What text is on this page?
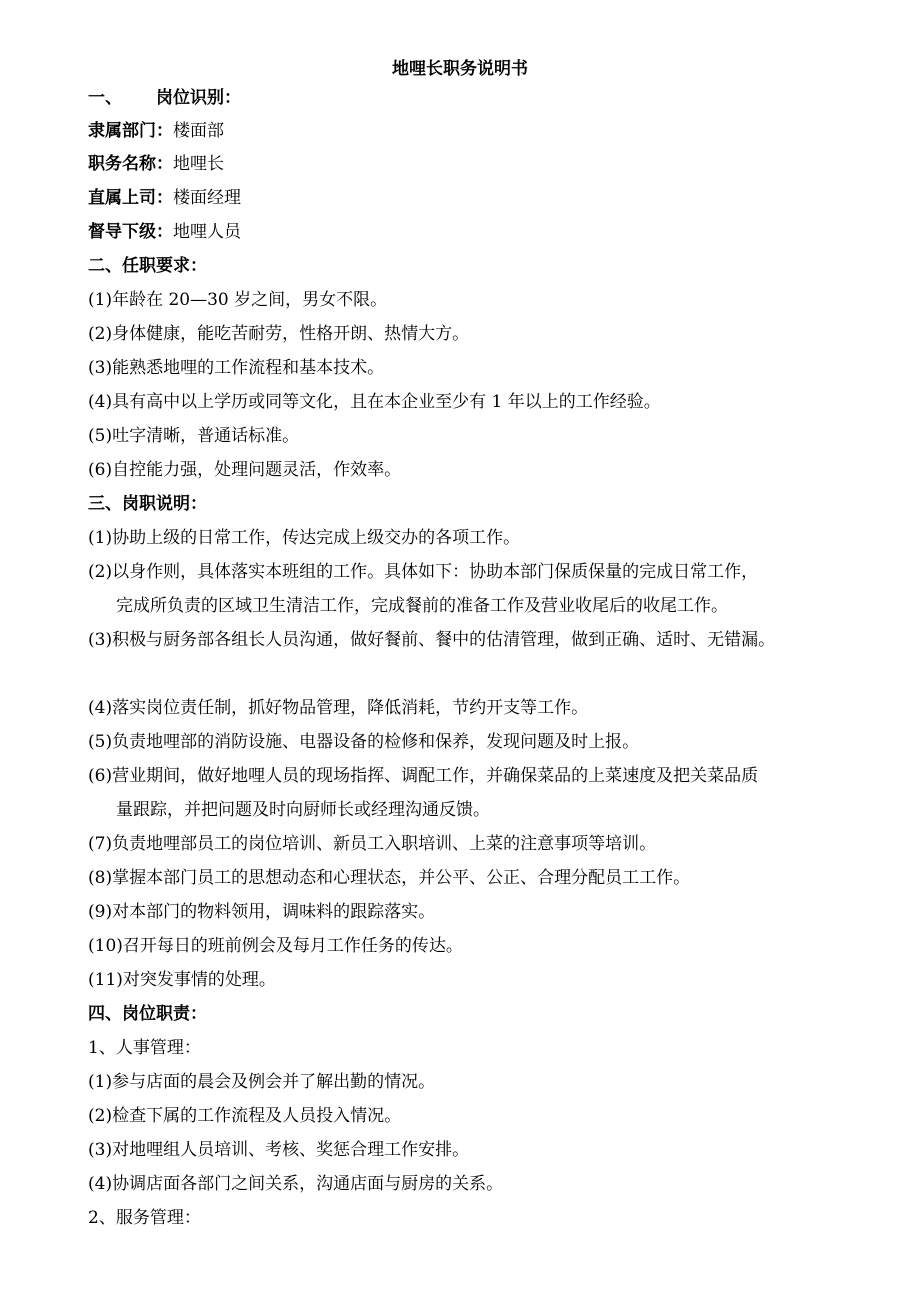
地哩长职务说明书
一、 岗位识别：
隶属部门：楼面部
职务名称：地哩长
直属上司：楼面经理
督导下级：地哩人员
二、任职要求：
(1)年龄在 20—30 岁之间，男女不限。
(2)身体健康，能吃苦耐劳，性格开朗、热情大方。
(3)能熟悉地哩的工作流程和基本技术。
(4)具有高中以上学历或同等文化，且在本企业至少有 1 年以上的工作经验。
(5)吐字清晰，普通话标准。
(6)自控能力强，处理问题灵活，作效率。
三、岗职说明：
(1)协助上级的日常工作，传达完成上级交办的各项工作。
(2)以身作则，具体落实本班组的工作。具体如下：协助本部门保质保量的完成日常工作，
完成所负责的区域卫生清洁工作，完成餐前的准备工作及营业收尾后的收尾工作。
(3)积极与厨务部各组长人员沟通，做好餐前、餐中的估清管理，做到正确、适时、无错漏。
(4)落实岗位责任制，抓好物品管理，降低消耗，节约开支等工作。
(5)负责地哩部的消防设施、电器设备的检修和保养，发现问题及时上报。
(6)营业期间，做好地哩人员的现场指挥、调配工作，并确保菜品的上菜速度及把关菜品质
量跟踪，并把问题及时向厨师长或经理沟通反馈。
(7)负责地哩部员工的岗位培训、新员工入职培训、上菜的注意事项等培训。
(8)掌握本部门员工的思想动态和心理状态，并公平、公正、合理分配员工工作。
(9)对本部门的物料领用，调味料的跟踪落实。
(10)召开每日的班前例会及每月工作任务的传达。
(11)对突发事情的处理。
四、岗位职责：
1、人事管理：
(1)参与店面的晨会及例会并了解出勤的情况。
(2)检查下属的工作流程及人员投入情况。
(3)对地哩组人员培训、考核、奖惩合理工作安排。
(4)协调店面各部门之间关系，沟通店面与厨房的关系。
2、服务管理：
